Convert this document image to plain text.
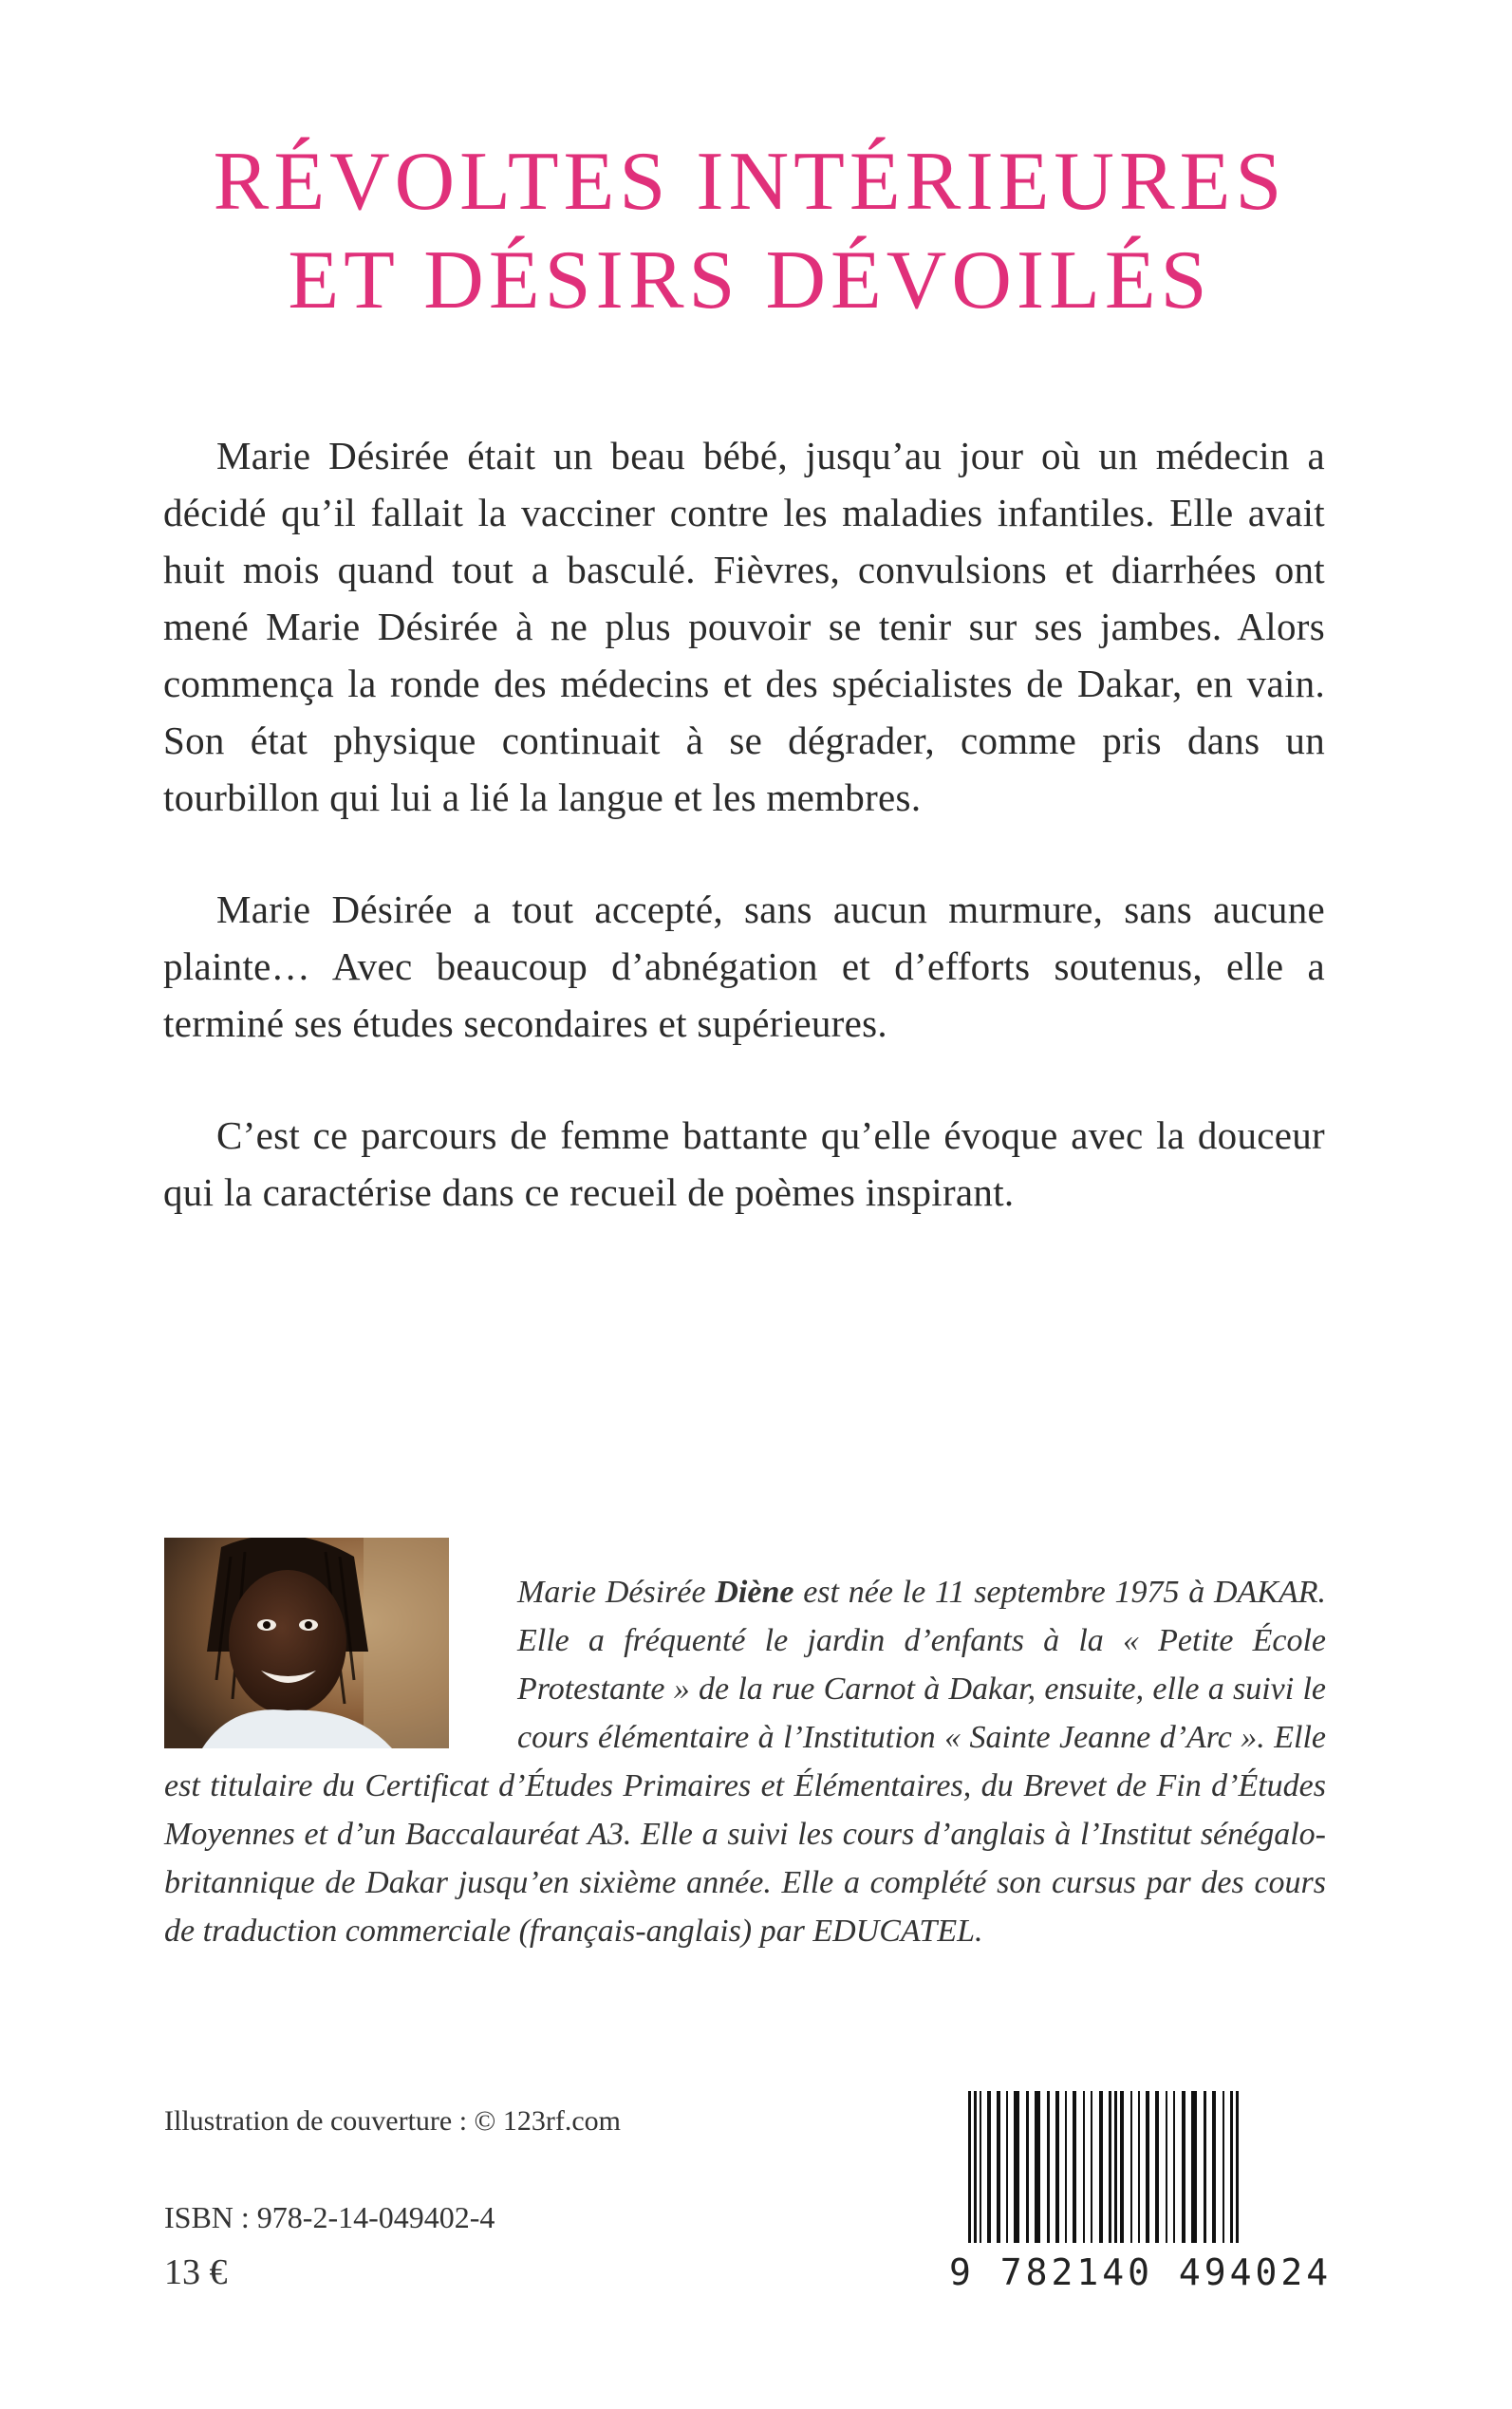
RÉVOLTES INTÉRIEURES
ET DÉSIRS DÉVOILÉS

Marie Désirée était un beau bébé, jusqu’au jour où un médecin a décidé qu’il fallait la vacciner contre les maladies infantiles. Elle avait huit mois quand tout a basculé. Fièvres, convulsions et diarrhées ont mené Marie Désirée à ne plus pouvoir se tenir sur ses jambes. Alors commença la ronde des médecins et des spécialistes de Dakar, en vain. Son état physique continuait à se dégrader, comme pris dans un tourbillon qui lui a lié la langue et les membres.

Marie Désirée a tout accepté, sans aucun murmure, sans aucune plainte… Avec beaucoup d’abnégation et d’efforts soutenus, elle a terminé ses études secondaires et supérieures.

C’est ce parcours de femme battante qu’elle évoque avec la douceur qui la caractérise dans ce recueil de poèmes inspirant.

Marie Désirée Diène est née le 11 septembre 1975 à DAKAR. Elle a fréquenté le jardin d’enfants à la « Petite École Protestante » de la rue Carnot à Dakar, ensuite, elle a suivi le cours élémentaire à l’Institution « Sainte Jeanne d’Arc ». Elle est titulaire du Certificat d’Études Primaires et Élémentaires, du Brevet de Fin d’Études Moyennes et d’un Baccalauréat A3. Elle a suivi les cours d’anglais à l’Institut sénégalo-britannique de Dakar jusqu’en sixième année. Elle a complété son cursus par des cours de traduction commerciale (français-anglais) par EDUCATEL.

Illustration de couverture : © 123rf.com
ISBN : 978-2-14-049402-4
13 €	9 782140 494024
